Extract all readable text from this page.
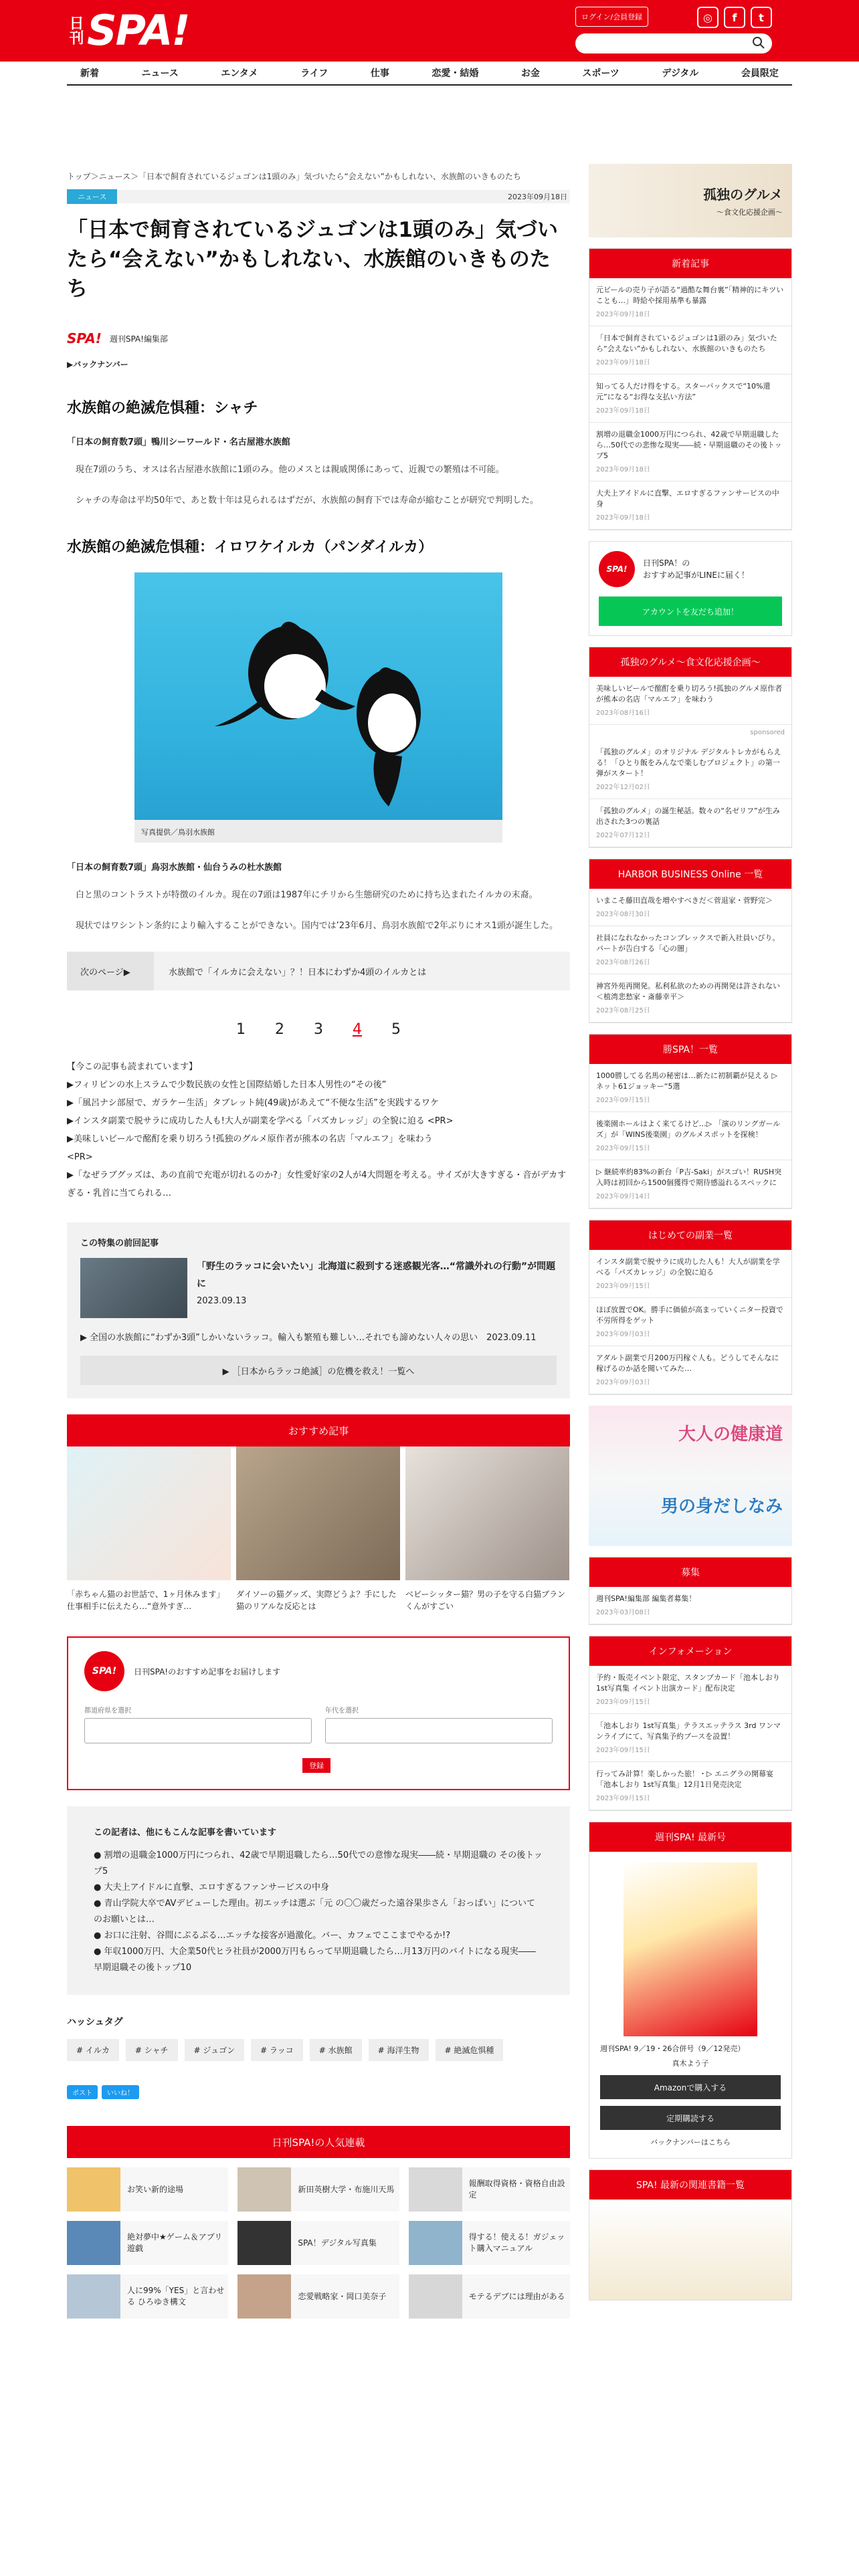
日刊 SPA!	ログイン/会員登録	◎	f	t
新着	ニュース	エンタメ	ライフ	仕事	恋愛・結婚	お金	スポーツ	デジタル	会員限定
トップ＞ニュース＞「日本で飼育されているジュゴンは1頭のみ」気づいたら“会えない”かもしれない、水族館のいきものたち
ニュース	2023年09月18日
「日本で飼育されているジュゴンは1頭のみ」気づいたら“会えない”かもしれない、水族館のいきものたち
SPA! 週刊SPA!編集部
▶バックナンバー
水族館の絶滅危惧種：シャチ
「日本の飼育数7頭」鴨川シーワールド・名古屋港水族館

　現在7頭のうち、オスは名古屋港水族館に1頭のみ。他のメスとは親戚関係にあって、近親での繁殖は不可能。

　シャチの寿命は平均50年で、あと数十年は見られるはずだが、水族館の飼育下では寿命が縮むことが研究で判明した。

水族館の絶滅危惧種：イロワケイルカ（パンダイルカ）
写真提供／鳥羽水族館
「日本の飼育数7頭」鳥羽水族館・仙台うみの杜水族館

　白と黒のコントラストが特徴のイルカ。現在の7頭は1987年にチリから生態研究のために持ち込まれたイルカの末裔。

　現状ではワシントン条約により輸入することができない。国内では’23年6月、鳥羽水族館で2年ぶりにオス1頭が誕生した。

次のページ▶	水族館で「イルカに会えない」？！日本にわずか4頭のイルカとは
1 2 3 4 5
【今この記事も読まれています】
▶フィリピンの水上スラムで少数民族の女性と国際結婚した日本人男性の“その後”
▶「風呂ナシ部屋で、ガラケー生活」タブレット純(49歳)があえて“不便な生活”を実践するワケ
▶インスタ副業で脱サラに成功した人も!大人が副業を学べる「パズカレッジ」の全貌に迫る <PR>
▶美味しいビールで酩酊を乗り切ろう!孤独のグルメ原作者が熊本の名店「マルエフ」を味わう
<PR>
▶「なぜラブグッズは、あの直前で充電が切れるのか?」女性愛好家の2人が4大問題を考える。サイズが大きすぎる・音がデカすぎる・乳首に当てられる…
この特集の前回記事
「野生のラッコに会いたい」北海道に殺到する迷惑観光客…“常識外れの行動”が問題に
2023.09.13
▶ 全国の水族館に“わずか3頭”しかいないラッコ。輸入も繁殖も難しい…それでも諦めない人々の思い　2023.09.11
▶ ［日本からラッコ絶滅］の危機を救え！一覧へ
おすすめ記事

「赤ちゃん猫のお世話で、1ヶ月休みます」仕事相手に伝えたら…“意外すぎ…

ダイソーの猫グッズ、実際どうよ？手にした猫のリアルな反応とは

ベビーシッター猫？男の子を守る白猫ブランくんがすごい

SPA!	日刊SPA!のおすすめ記事をお届けします
都道府県を選択	年代を選択
登録
この記者は、他にもこんな記事を書いています
● 割増の退職金1000万円につられ、42歳で早期退職したら…50代での意惨な現実――続・早期退職の その後トップ5
● 大夫上アイドルに直撃、エロすぎるファンサービスの中身
● 青山学院大卒でAVデビューした理由。初エッチは選ぶ「元 の〇〇歳だった遠谷果歩さん「おっぱい」についてのお願いとは…
● お口に注射、谷間にぷるぷる…エッチな接客が過激化。バー、カフェでここまでやるか!?
● 年収1000万円、大企業50代ヒラ社員が2000万円もらって早期退職したら…月13万円のバイトになる現実――早期退職その後トップ10
ハッシュタグ
# イルカ	# シャチ	# ジュゴン	# ラッコ	# 水族館	# 海洋生物	# 絶滅危惧種
ポスト	いいね！
日刊SPA!の人気連載

お笑い新的途場	新田英樹大学・布施川天馬

報酬取得資格・資格自由設定

絶対夢中★ゲーム＆アプリ遊戯

SPA！デジタル写真集

得する！使える！ガジェット購入マニュアル

人に99%「YES」と言わせる ひろゆき構文

恋愛戦略家・岡口美奈子	モテるデブには理由がある

孤独のグルメ
～食文化応援企画～
新着記事

元ビールの売り子が語る“過酷な舞台裏”「精神的にキツいことも…」時給や採用基準も暴露

2023年09月18日

「日本で飼育されているジュゴンは1頭のみ」気づいたら“会えない”かもしれない、水族館のいきものたち

2023年09月18日

知ってる人だけ得をする。スターバックスで“10%還元”になる“お得な支払い方法”

2023年09月18日

割増の退職金1000万円につられ、42歳で早期退職したら…50代での悲惨な現実――続・早期退職のその後トップ5

2023年09月18日

大夫上アイドルに直撃、エロすぎるファンサービスの中身

2023年09月18日
SPA!
日刊SPA！の
おすすめ記事がLINEに届く！
アカウントを友だち追加！
孤独のグルメ〜食文化応援企画〜

美味しいビールで酩酊を乗り切ろう!孤独のグルメ原作者が熊本の名店「マルエフ」を味わう

2023年08月16日
sponsored

「孤独のグルメ」のオリジナル デジタルトレカがもらえる！「ひとり飯をみんなで楽しむプロジェクト」の第一弾がスタート！

2022年12月02日

「孤独のグルメ」の誕生秘話。数々の“名ゼリフ”が生み出された3つの裏話

2022年07月12日
HARBOR BUSINESS Online 一覧

いまこそ藤田直哉を増やすべきだ＜菅退家・菅野完＞

2023年08月30日

社員になれなかったコンプレックスで新入社員いびり。パートが告白する「心の闇」

2023年08月26日

神宮外苑再開発。私利私欲のための再開発は許されない＜植湾悲愁家・斎藤幸平＞

2023年08月25日
勝SPA！一覧

1000勝してる名馬の秘密は…新たに初制覇が見える ▷ ネット61ジョッキー“5選

2023年09月15日

後楽園ホールはよく来てるけど…▷ 「演のリングガールズ」が「WINS後楽園」のグルメスポットを探検！

2023年09月15日

▷ 継続率約83%の新台「P吉-Saki」がスゴい！RUSH突入時は初回から1500個獲得で期待感溢れるスペックに

2023年09月14日
はじめての副業一覧

インスタ副業で脱サラに成功した人も！大人が副業を学べる「パズカレッジ」の全貌に迫る

2023年09月15日

ほぼ放置でOK。勝手に価値が高まっていくニター投資で不労所得をゲット

2023年09月03日

アダルト副業で月200万円稼ぐ人も。どうしてそんなに稼げるのか話を聞いてみた…

2023年09月03日
大人の健康道
男の身だしなみ
募集

週刊SPA!編集部 編集者募集！

2023年03月08日
インフォメーション

予約・販売イベント限定、スタンプカード「池本しおり 1st写真集 イベント出演カード」配布決定

2023年09月15日

「池本しおり 1st写真集」テラスエッテラス 3rd ワンマンライブにて、写真集予約ブースを設置！

2023年09月15日

行ってみ計算！楽しかった旅！・▷ エニグラの開幕宴「池本しおり 1st写真集」12月1日発売決定

2023年09月15日
週刊SPA! 最新号

週刊SPA! 9／19・26合併号（9／12発売）

真木よう子

Amazonで購入する
定期購読する

バックナンバーはこちら

SPA! 最新の関連書籍一覧
